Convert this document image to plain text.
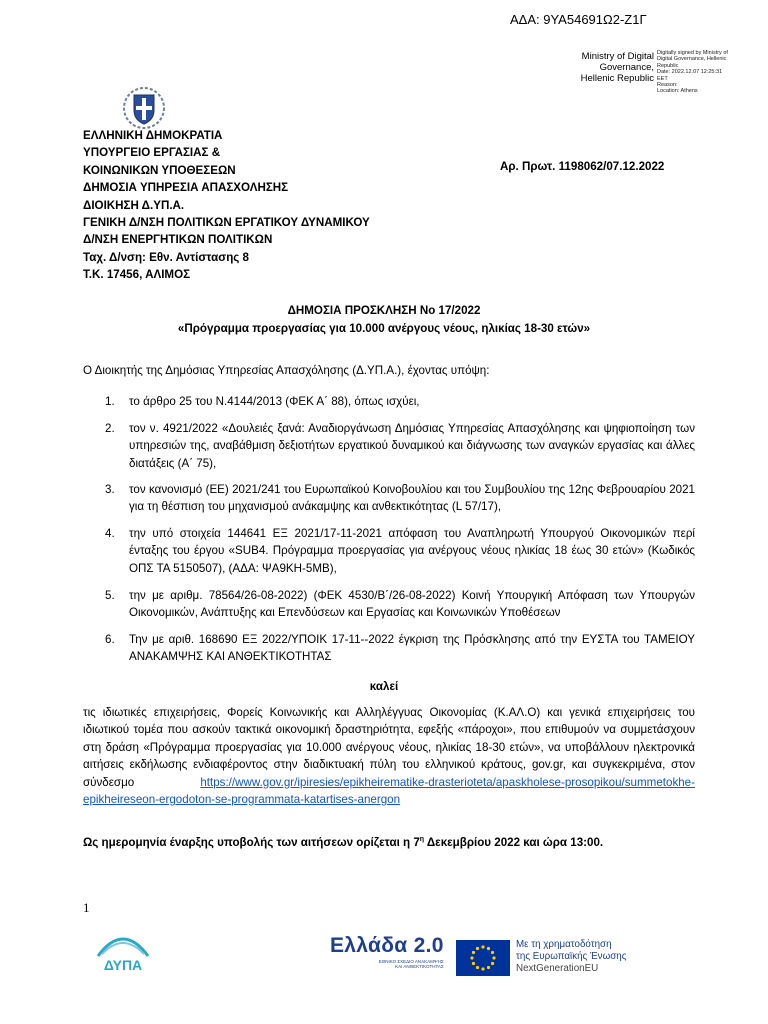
ΑΔΑ: 9ΥΑ54691Ω2-Ζ1Γ
Ministry of Digital
Governance,
Hellenic Republic
Digitally signed by Ministry of
Digital Governance, Hellenic
Republic
Date: 2022.12.07 12:25:31
EET
Reason:
Location: Athens
ΕΛΛΗΝΙΚΗ ΔΗΜΟΚΡΑΤΙΑ
ΥΠΟΥΡΓΕΙΟ ΕΡΓΑΣΙΑΣ &
ΚΟΙΝΩΝΙΚΩΝ ΥΠΟΘΕΣΕΩΝ
ΔΗΜΟΣΙΑ ΥΠΗΡΕΣΙΑ ΑΠΑΣΧΟΛΗΣΗΣ
ΔΙΟΙΚΗΣΗ Δ.ΥΠ.Α.
ΓΕΝΙΚΗ Δ/ΝΣΗ ΠΟΛΙΤΙΚΩΝ ΕΡΓΑΤΙΚΟΥ ΔΥΝΑΜΙΚΟΥ
Δ/ΝΣΗ ΕΝΕΡΓΗΤΙΚΩΝ ΠΟΛΙΤΙΚΩΝ
Ταχ. Δ/νση: Εθν. Αντίστασης 8
Τ.Κ. 17456, ΑΛΙΜΟΣ
Αρ. Πρωτ. 1198062/07.12.2022
ΔΗΜΟΣΙΑ ΠΡΟΣΚΛΗΣΗ Νο 17/2022
«Πρόγραμμα προεργασίας για 10.000 ανέργους νέους, ηλικίας 18-30 ετών»
Ο Διοικητής της Δημόσιας Υπηρεσίας Απασχόλησης (Δ.ΥΠ.Α.), έχοντας υπόψη:
1. το άρθρο 25 του Ν.4144/2013 (ΦΕΚ Α΄ 88), όπως ισχύει,
2. τον ν. 4921/2022 «Δουλειές ξανά: Αναδιοργάνωση Δημόσιας Υπηρεσίας Απασχόλησης και ψηφιοποίηση των υπηρεσιών της, αναβάθμιση δεξιοτήτων εργατικού δυναμικού και διάγνωσης των αναγκών εργασίας και άλλες διατάξεις (Α΄ 75),
3. τον κανονισμό (ΕΕ) 2021/241 του Ευρωπαϊκού Κοινοβουλίου και του Συμβουλίου της 12ης Φεβρουαρίου 2021 για τη θέσπιση του μηχανισμού ανάκαμψης και ανθεκτικότητας (L 57/17),
4. την υπό στοιχεία 144641 ΕΞ 2021/17-11-2021 απόφαση του Αναπληρωτή Υπουργού Οικονομικών περί ένταξης του έργου «SUB4. Πρόγραμμα προεργασίας για ανέργους νέους ηλικίας 18 έως 30 ετών» (Κωδικός ΟΠΣ ΤΑ 5150507), (ΑΔΑ: ΨΑ9ΚΗ-5ΜΒ),
5. την με αριθμ. 78564/26-08-2022) (ΦΕΚ 4530/Β΄/26-08-2022) Κοινή Υπουργική Απόφαση των Υπουργών Οικονομικών, Ανάπτυξης και Επενδύσεων και Εργασίας και Κοινωνικών Υποθέσεων
6. Την με αριθ. 168690 ΕΞ 2022/ΥΠΟΙΚ 17-11--2022 έγκριση της Πρόσκλησης από την ΕΥΣΤΑ του ΤΑΜΕΙΟΥ ΑΝΑΚΑΜΨΗΣ ΚΑΙ ΑΝΘΕΚΤΙΚΟΤΗΤΑΣ
καλεί
τις ιδιωτικές επιχειρήσεις, Φορείς Κοινωνικής και Αλληλέγγυας Οικονομίας (Κ.ΑΛ.Ο) και γενικά επιχειρήσεις του ιδιωτικού τομέα που ασκούν τακτικά οικονομική δραστηριότητα, εφεξής «πάροχοι», που επιθυμούν να συμμετάσχουν στη δράση «Πρόγραμμα προεργασίας για 10.000 ανέργους νέους, ηλικίας 18-30 ετών», να υποβάλλουν ηλεκτρονικά αιτήσεις εκδήλωσης ενδιαφέροντος στην διαδικτυακή πύλη του ελληνικού κράτους, gov.gr, και συγκεκριμένα, στον σύνδεσμο	https://www.gov.gr/ipiresies/epikheirematike-drasterioteta/apaskholese-prosopikou/summetokhe-epikheireseon-ergodoton-se-programmata-katartises-anergon
Ως ημερομηνία έναρξης υποβολής των αιτήσεων ορίζεται η $7^\eta$ Δεκεμβρίου 2022 και ώρα 13:00.
1
ΔΥΠΑ
Ελλάδα 2.0
ΕΘΝΙΚΟ ΣΧΕΔΙΟ ΑΝΑΚΑΜΨΗΣ
ΚΑΙ ΑΝΘΕΚΤΙΚΟΤΗΤΑΣ
Με τη χρηματοδότηση
της Ευρωπαϊκής Ένωσης
NextGenerationEU
